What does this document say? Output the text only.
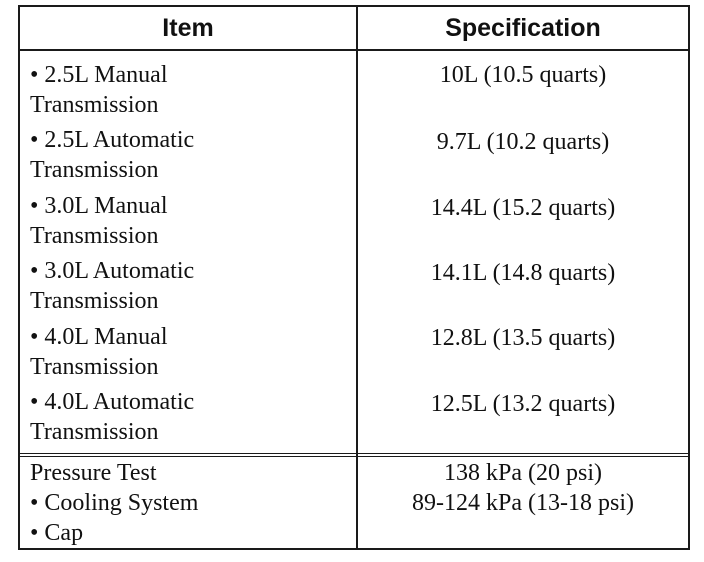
Item	Specification
• 2.5L Manual
Transmission
10L (10.5 quarts)
• 2.5L Automatic
Transmission
9.7L (10.2 quarts)
• 3.0L Manual
Transmission
14.4L (15.2 quarts)
• 3.0L Automatic
Transmission
14.1L (14.8 quarts)
• 4.0L Manual
Transmission
12.8L (13.5 quarts)
• 4.0L Automatic
Transmission
12.5L (13.2 quarts)
Pressure Test
• Cooling System
• Cap
138 kPa (20 psi)
89-124 kPa (13-18 psi)
